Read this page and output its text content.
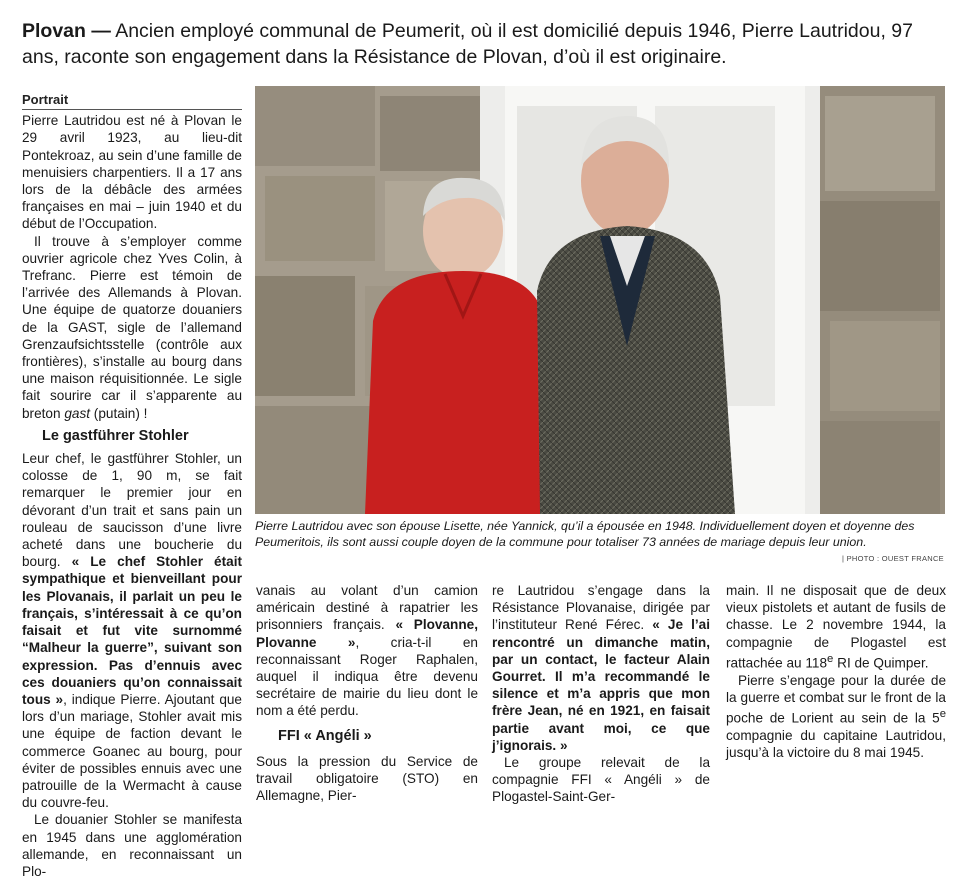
Plovan — Ancien employé communal de Peumerit, où il est domicilié depuis 1946, Pierre Lautridou, 97 ans, raconte son engagement dans la Résistance de Plovan, d’où il est originaire.
Portrait

Pierre Lautridou est né à Plovan le 29 avril 1923, au lieu-dit Pontekroaz, au sein d’une famille de menuisiers charpentiers. Il a 17 ans lors de la débâcle des armées françaises en mai – juin 1940 et du début de l’Occupation.

Il trouve à s’employer comme ouvrier agricole chez Yves Colin, à Trefranc. Pierre est témoin de l’arrivée des Allemands à Plovan. Une équipe de quatorze douaniers de la GAST, sigle de l’allemand Grenzaufsichtsstelle (contrôle aux frontières), s’installe au bourg dans une maison réquisitionnée. Le sigle fait sourire car il s’apparente au breton gast (putain) !

Le gastführer Stohler

Leur chef, le gastführer Stohler, un colosse de 1, 90 m, se fait remarquer le premier jour en dévorant d’un trait et sans pain un rouleau de saucisson d’une livre acheté dans une boucherie du bourg. « Le chef Stohler était sympathique et bienveillant pour les Plovanais, il parlait un peu le français, s’intéressait à ce qu’on faisait et fut vite surnommé “Malheur la guerre”, suivant son expression. Pas d’ennuis avec ces douaniers qu’on connaissait tous », indique Pierre. Ajoutant que lors d’un mariage, Stohler avait mis une équipe de faction devant le commerce Goanec au bourg, pour éviter de possibles ennuis avec une patrouille de la Wermacht à cause du couvre-feu.

Le douanier Stohler se manifesta en 1945 dans une agglomération allemande, en reconnaissant un Plo-

Pierre Lautridou avec son épouse Lisette, née Yannick, qu’il a épousée en 1948. Individuellement doyen et doyenne des Peumeritois, ils sont aussi couple doyen de la commune pour totaliser 73 années de mariage depuis leur union.
| PHOTO : OUEST FRANCE

vanais au volant d’un camion américain destiné à rapatrier les prisonniers français. « Plovanne, Plovanne », cria-t-il en reconnaissant Roger Raphalen, auquel il indiqua être devenu secrétaire de mairie du lieu dont le nom a été perdu.

FFI « Angéli »

Sous la pression du Service de travail obligatoire (STO) en Allemagne, Pier-

re Lautridou s’engage dans la Résistance Plovanaise, dirigée par l’instituteur René Férec. « Je l’ai rencontré un dimanche matin, par un contact, le facteur Alain Gourret. Il m’a recommandé le silence et m’a appris que mon frère Jean, né en 1921, en faisait partie avant moi, ce que j’ignorais. »

Le groupe relevait de la compagnie FFI « Angéli » de Plogastel-Saint-Ger-

main. Il ne disposait que de deux vieux pistolets et autant de fusils de chasse. Le 2 novembre 1944, la compagnie de Plogastel est rattachée au 118e RI de Quimper.

Pierre s’engage pour la durée de la guerre et combat sur le front de la poche de Lorient au sein de la 5e compagnie du capitaine Lautridou, jusqu’à la victoire du 8 mai 1945.
